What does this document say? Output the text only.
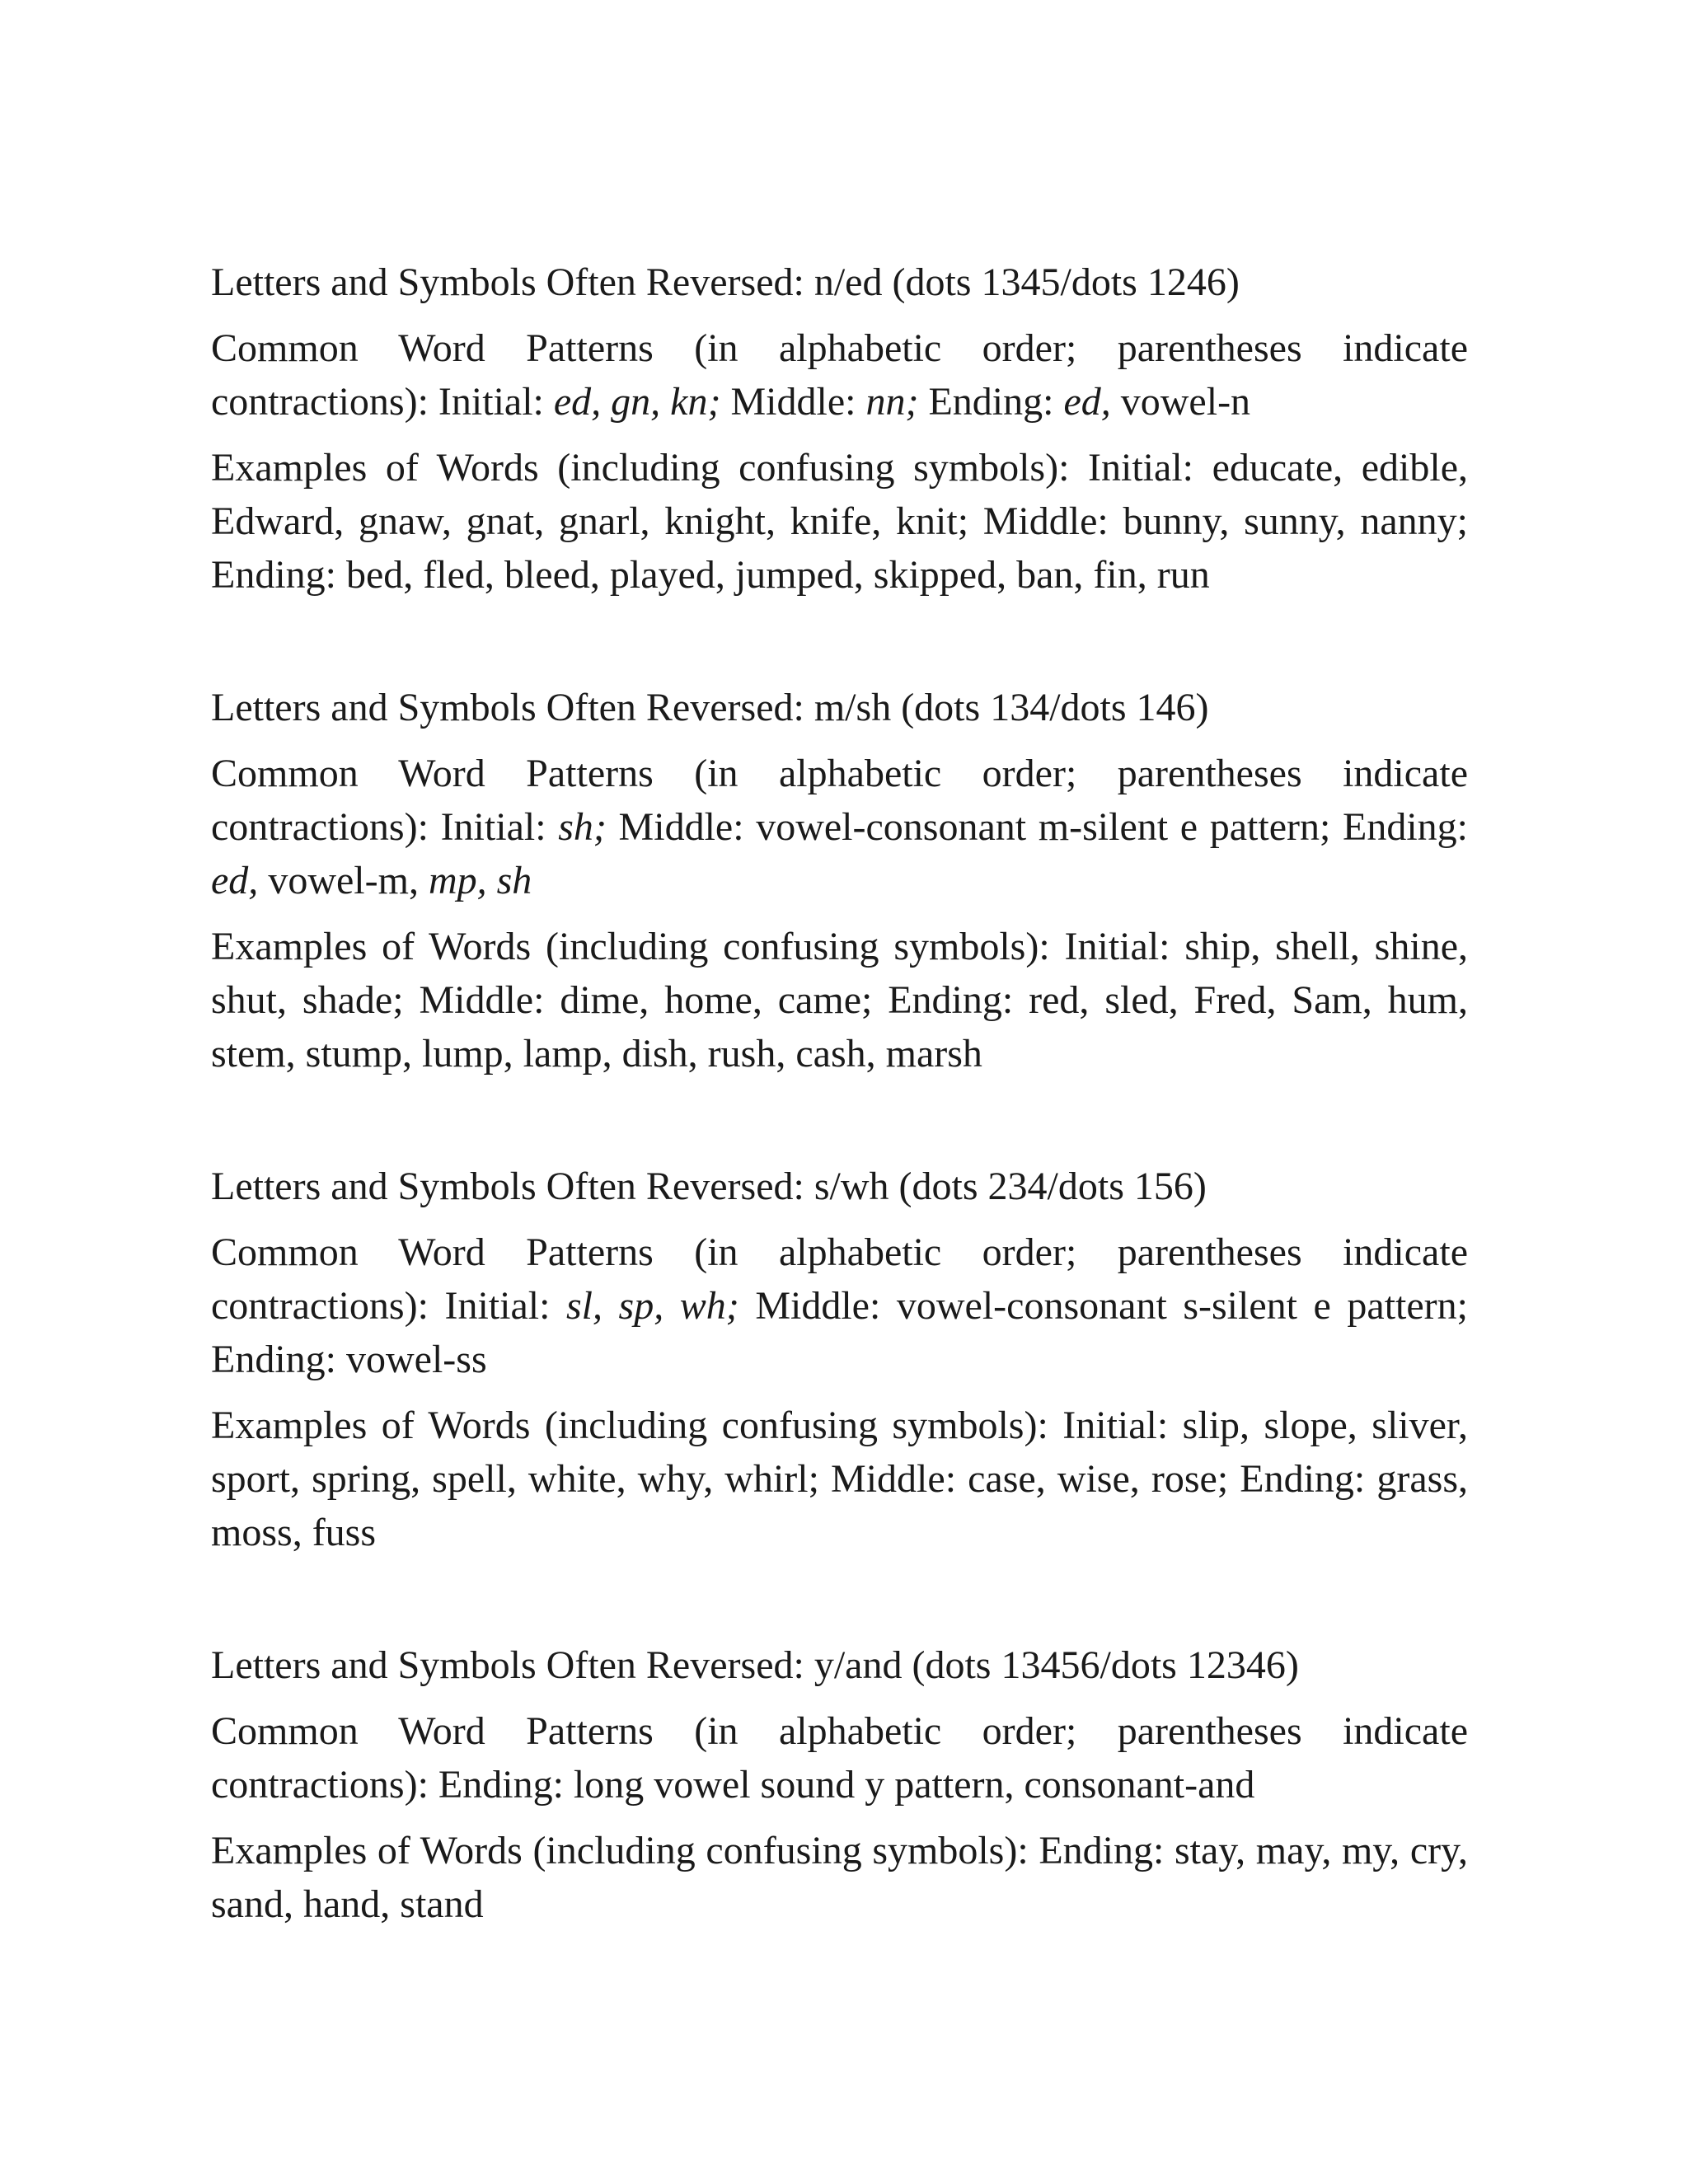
Letters and Symbols Often Reversed: n/ed (dots 1345/dots 1246)

Common Word Patterns (in alphabetic order; parentheses indicate contractions): Initial: ed, gn, kn; Middle: nn; Ending: ed, vowel-n

Examples of Words (including confusing symbols): Initial: educate, edible, Edward, gnaw, gnat, gnarl, knight, knife, knit; Middle: bunny, sunny, nanny; Ending: bed, fled, bleed, played, jumped, skipped, ban, fin, run

Letters and Symbols Often Reversed: m/sh (dots 134/dots 146)

Common Word Patterns (in alphabetic order; parentheses indicate contractions): Initial: sh; Middle: vowel-consonant m-silent e pattern; Ending: ed, vowel-m, mp, sh

Examples of Words (including confusing symbols): Initial: ship, shell, shine, shut, shade; Middle: dime, home, came; Ending: red, sled, Fred, Sam, hum, stem, stump, lump, lamp, dish, rush, cash, marsh

Letters and Symbols Often Reversed: s/wh (dots 234/dots 156)

Common Word Patterns (in alphabetic order; parentheses indicate contractions): Initial: sl, sp, wh; Middle: vowel-consonant s-silent e pattern; Ending: vowel-ss

Examples of Words (including confusing symbols): Initial: slip, slope, sliver, sport, spring, spell, white, why, whirl; Middle: case, wise, rose; Ending: grass, moss, fuss

Letters and Symbols Often Reversed: y/and (dots 13456/dots 12346)

Common Word Patterns (in alphabetic order; parentheses indicate contractions): Ending: long vowel sound y pattern, consonant-and

Examples of Words (including confusing symbols): Ending: stay, may, my, cry, sand, hand, stand
